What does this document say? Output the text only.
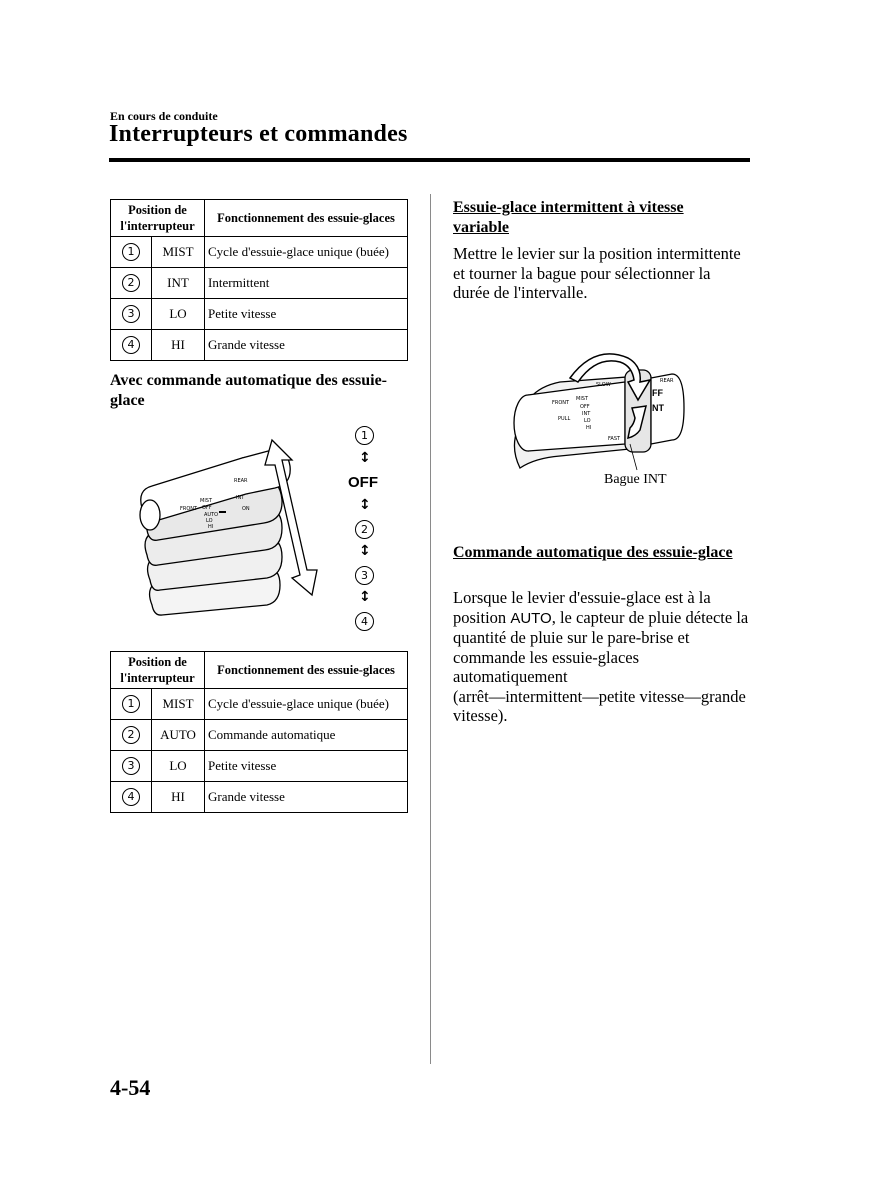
En cours de conduite
Interrupteurs et commandes
Position de l'interrupteur		Fonctionnement des essuie-glaces
1	MIST	Cycle d'essuie-glace unique (buée)
2	INT	Intermittent
3	LO	Petite vitesse
4	HI	Grande vitesse
Avec commande automatique des essuie-glace
FRONT
MIST
OFF
AUTO
LO
HI
REAR
INT
ON
1
↕
OFF
↕
2
↕
3
↕
4
Position de l'interrupteur		Fonctionnement des essuie-glaces
1	MIST	Cycle d'essuie-glace unique (buée)
2	AUTO	Commande automatique
3	LO	Petite vitesse
4	HI	Grande vitesse
Essuie-glace intermittent à vitesse variable
Mettre le levier sur la position intermittente et tourner la bague pour sélectionner la durée de l'intervalle.
FRONT
MIST
OFF
INT
LO
HI
PULL
SLOW
FAST
REAR
FF
NT
Bague INT
Commande automatique des essuie-glace
Lorsque le levier d'essuie-glace est à la position AUTO, le capteur de pluie détecte la quantité de pluie sur le pare-brise et commande les essuie-glaces automatiquement
(arrêt—intermittent—petite vitesse—grande vitesse).
4-54
